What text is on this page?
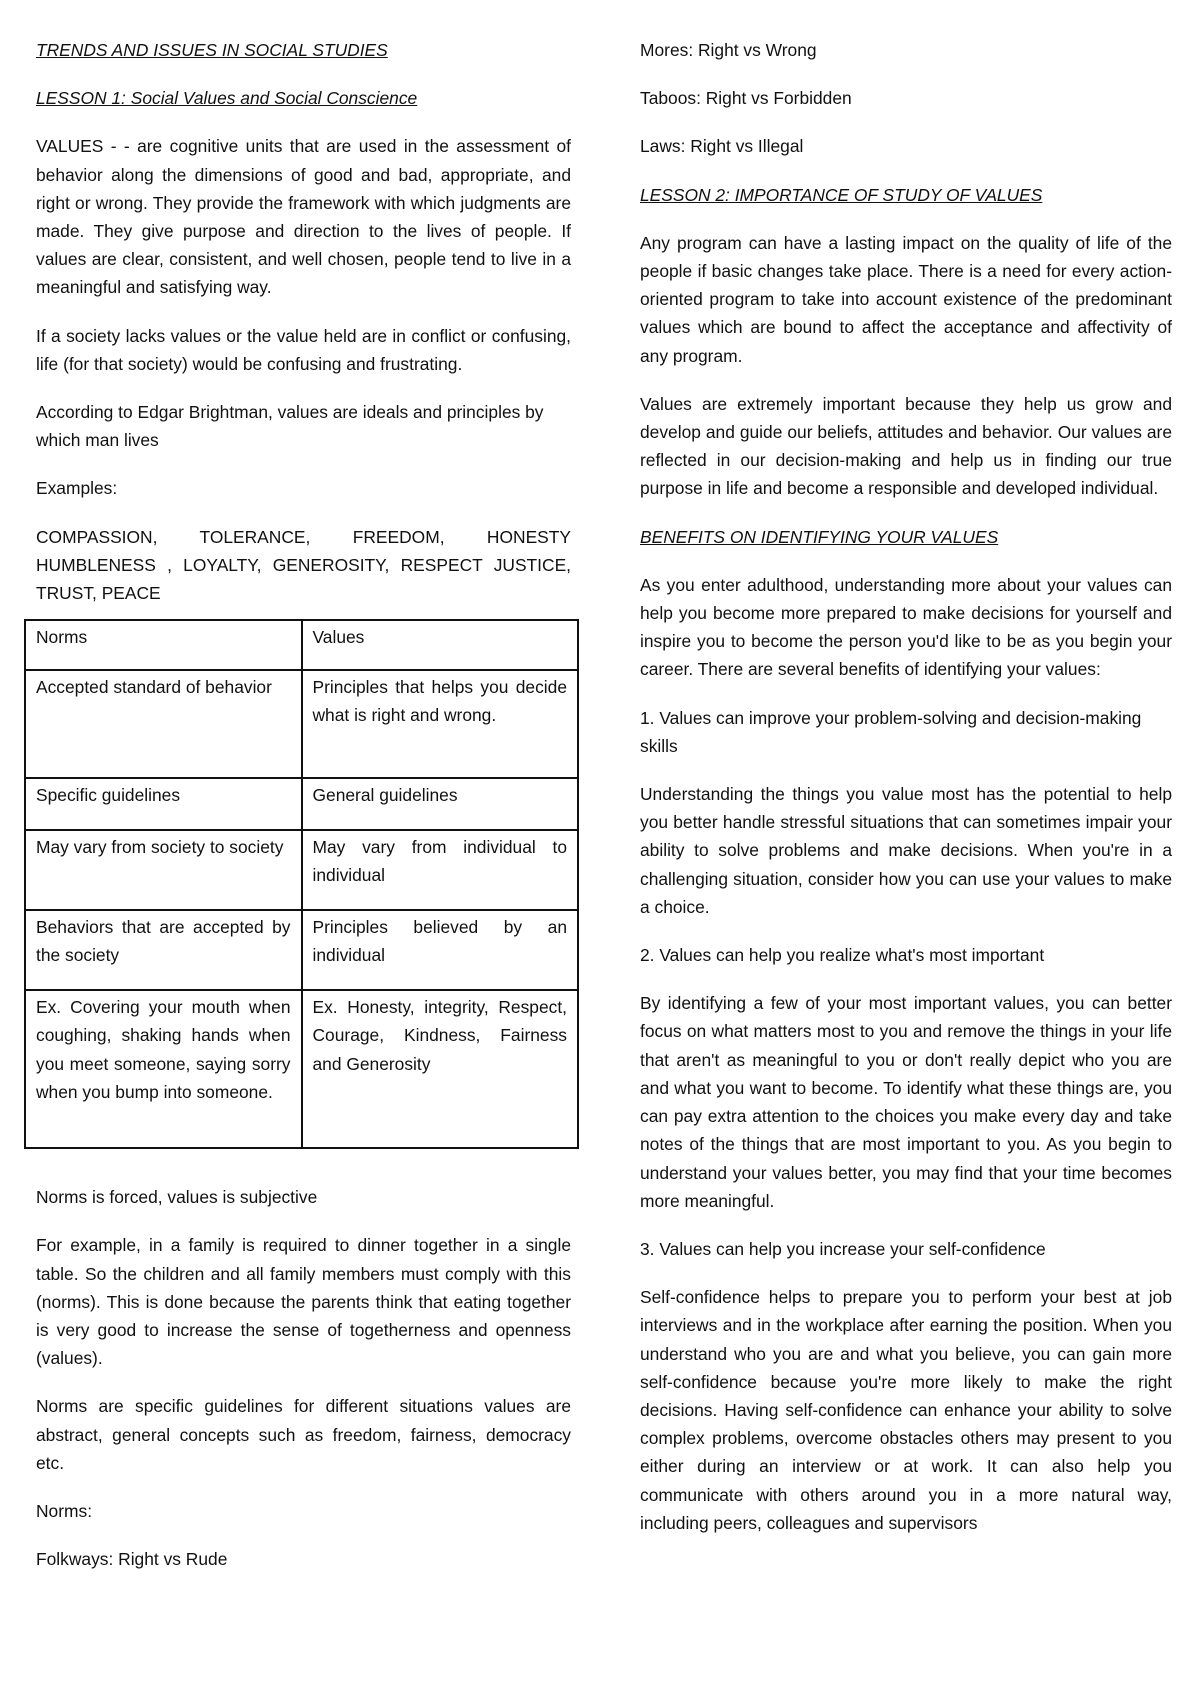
TRENDS AND ISSUES IN SOCIAL STUDIES

LESSON 1: Social Values and Social Conscience

VALUES - - are cognitive units that are used in the assessment of behavior along the dimensions of good and bad, appropriate, and right or wrong. They provide the framework with which judgments are made. They give purpose and direction to the lives of people. If values are clear, consistent, and well chosen, people tend to live in a meaningful and satisfying way.

If a society lacks values or the value held are in conflict or confusing, life (for that society) would be confusing and frustrating.

According to Edgar Brightman, values are ideals and principles by which man lives

Examples:

COMPASSION, TOLERANCE, FREEDOM, HONESTY HUMBLENESS , LOYALTY, GENEROSITY, RESPECT JUSTICE, TRUST, PEACE

Norms	Values
Accepted standard of behavior	Principles that helps you decide what is right and wrong.
Specific guidelines	General guidelines
May vary from society to society	May vary from individual to individual
Behaviors that are accepted by the society	Principles believed by an individual
Ex. Covering your mouth when coughing, shaking hands when you meet someone, saying sorry when you bump into someone.	Ex. Honesty, integrity, Respect, Courage, Kindness, Fairness and Generosity

Norms is forced, values is subjective

For example, in a family is required to dinner together in a single table. So the children and all family members must comply with this (norms). This is done because the parents think that eating together is very good to increase the sense of togetherness and openness (values).

Norms are specific guidelines for different situations values are abstract, general concepts such as freedom, fairness, democracy etc.

Norms:

Folkways: Right vs Rude

Mores: Right vs Wrong

Taboos: Right vs Forbidden

Laws: Right vs Illegal

LESSON 2: IMPORTANCE OF STUDY OF VALUES

Any program can have a lasting impact on the quality of life of the people if basic changes take place. There is a need for every action-oriented program to take into account existence of the predominant values which are bound to affect the acceptance and affectivity of any program.

Values are extremely important because they help us grow and develop and guide our beliefs, attitudes and behavior. Our values are reflected in our decision-making and help us in finding our true purpose in life and become a responsible and developed individual.

BENEFITS ON IDENTIFYING YOUR VALUES

As you enter adulthood, understanding more about your values can help you become more prepared to make decisions for yourself and inspire you to become the person you'd like to be as you begin your career. There are several benefits of identifying your values:

1. Values can improve your problem-solving and decision-making skills

Understanding the things you value most has the potential to help you better handle stressful situations that can sometimes impair your ability to solve problems and make decisions. When you're in a challenging situation, consider how you can use your values to make a choice.

2. Values can help you realize what's most important

By identifying a few of your most important values, you can better focus on what matters most to you and remove the things in your life that aren't as meaningful to you or don't really depict who you are and what you want to become. To identify what these things are, you can pay extra attention to the choices you make every day and take notes of the things that are most important to you. As you begin to understand your values better, you may find that your time becomes more meaningful.

3. Values can help you increase your self-confidence

Self-confidence helps to prepare you to perform your best at job interviews and in the workplace after earning the position. When you understand who you are and what you believe, you can gain more self-confidence because you're more likely to make the right decisions. Having self-confidence can enhance your ability to solve complex problems, overcome obstacles others may present to you either during an interview or at work. It can also help you communicate with others around you in a more natural way, including peers, colleagues and supervisors
